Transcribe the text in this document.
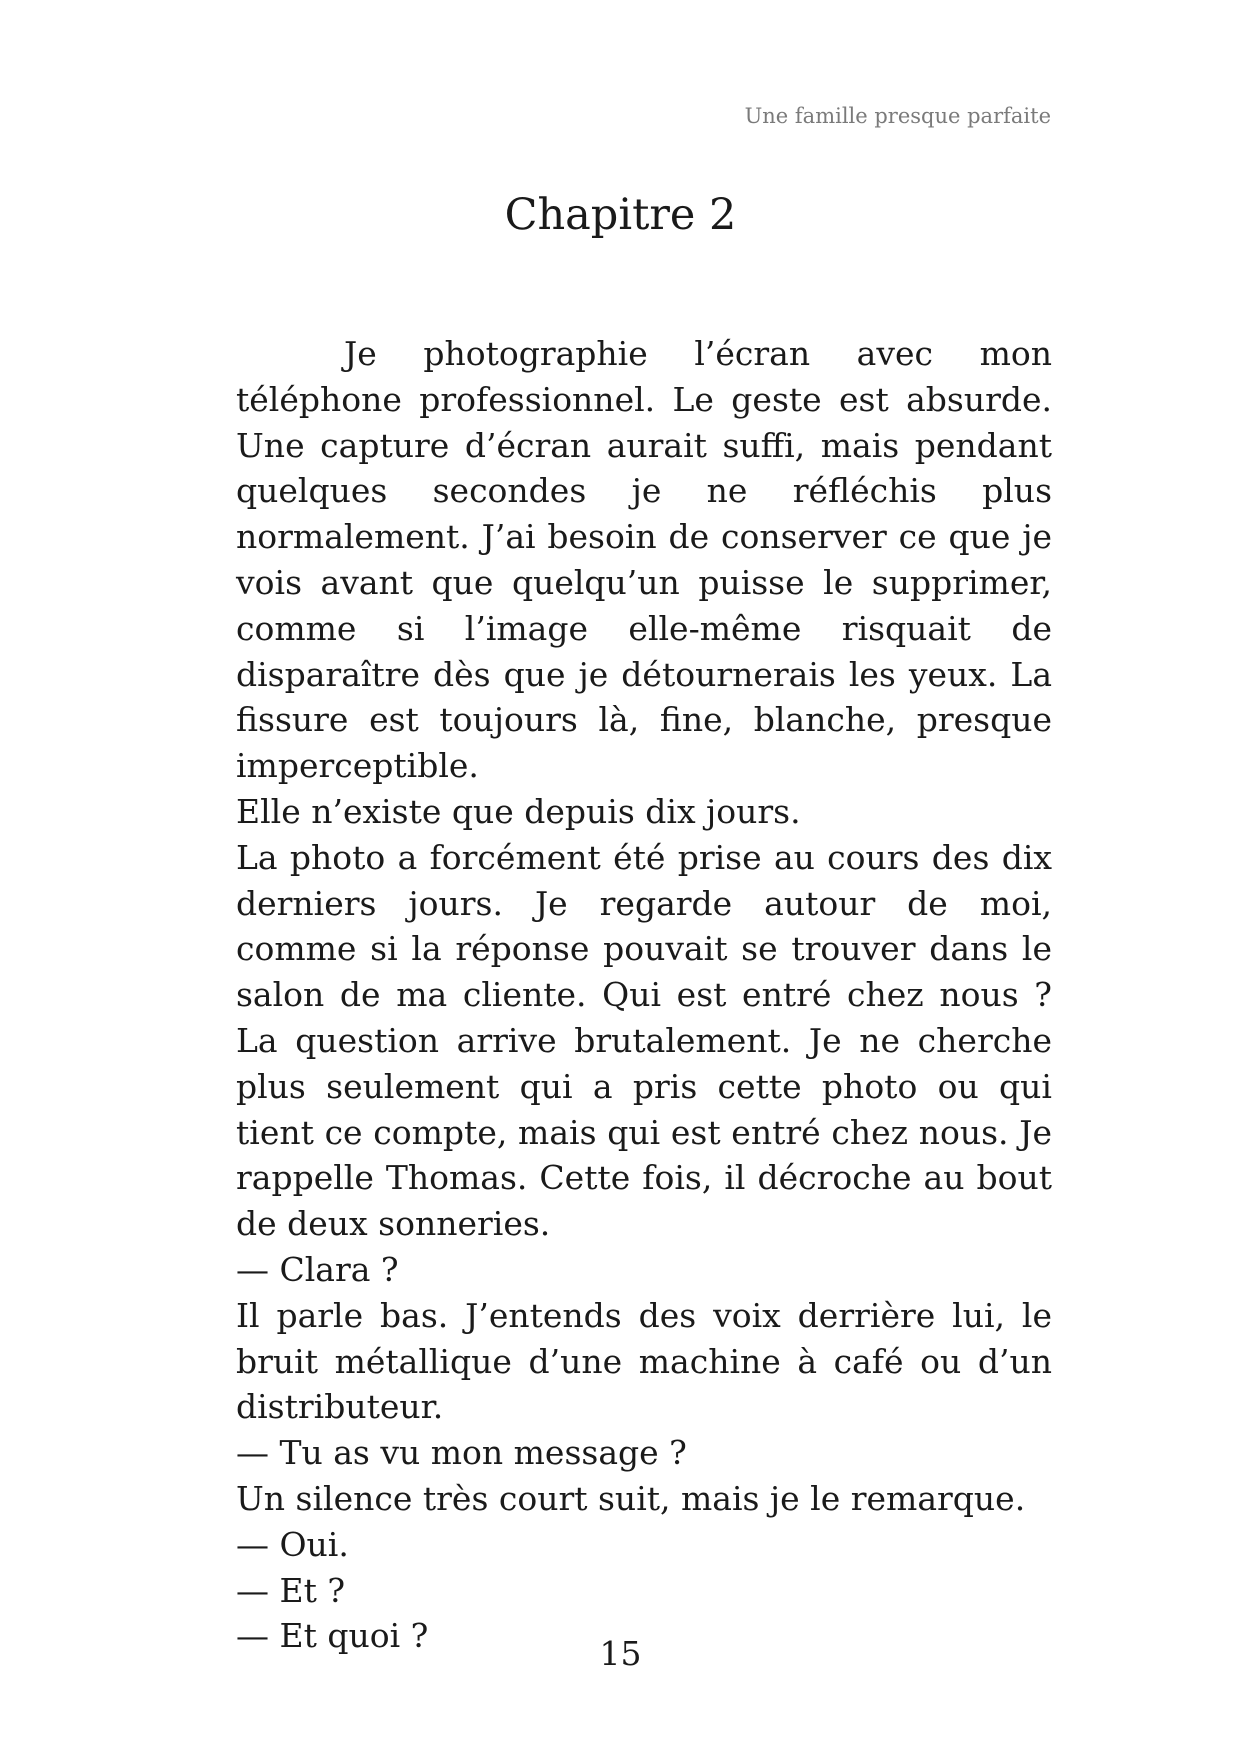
Une famille presque parfaite
Chapitre 2

Je photographie l’écran avec mon téléphone professionnel. Le geste est absurde. Une capture d’écran aurait suffi, mais pendant quelques secondes je ne réfléchis plus normalement. J’ai besoin de conserver ce que je vois avant que quelqu’un puisse le supprimer, comme si l’image elle-même risquait de disparaître dès que je détournerais les yeux. La fissure est toujours là, fine, blanche, presque imperceptible.

Elle n’existe que depuis dix jours.

La photo a forcément été prise au cours des dix derniers jours. Je regarde autour de moi, comme si la réponse pouvait se trouver dans le salon de ma cliente. Qui est entré chez nous ? La question arrive brutalement. Je ne cherche plus seulement qui a pris cette photo ou qui tient ce compte, mais qui est entré chez nous. Je rappelle Thomas. Cette fois, il décroche au bout de deux sonneries.

— Clara ?

Il parle bas. J’entends des voix derrière lui, le bruit métallique d’une machine à café ou d’un distributeur.

— Tu as vu mon message ?

Un silence très court suit, mais je le remarque.

— Oui.

— Et ?

— Et quoi ?	15
